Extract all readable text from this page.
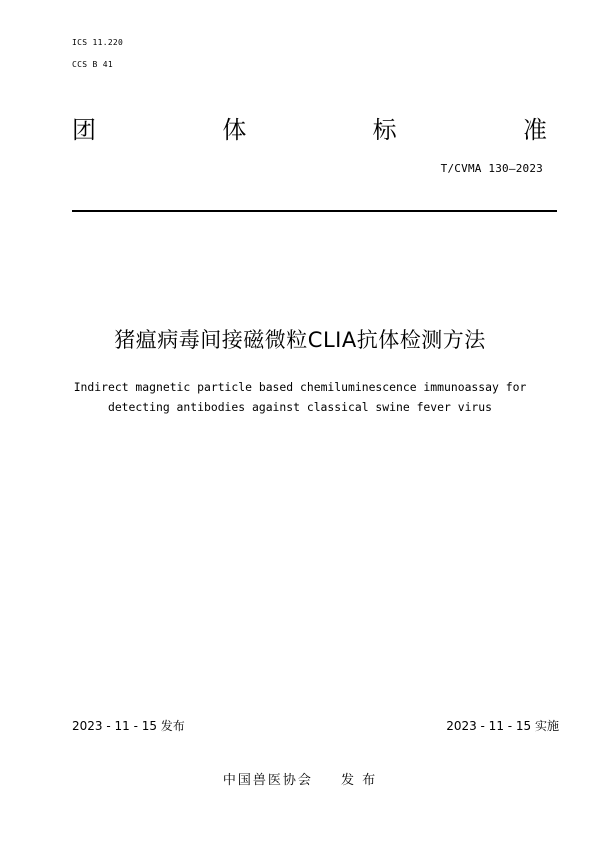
ICS 11.220
CCS B 41
团	体	标	准
T/CVMA 130—2023
猪瘟病毒间接磁微粒CLIA抗体检测方法
Indirect magnetic particle based chemiluminescence immunoassay for
detecting antibodies against classical swine fever virus
2023 - 11 - 15 发布	2023 - 11 - 15 实施
中国兽医协会 发 布
